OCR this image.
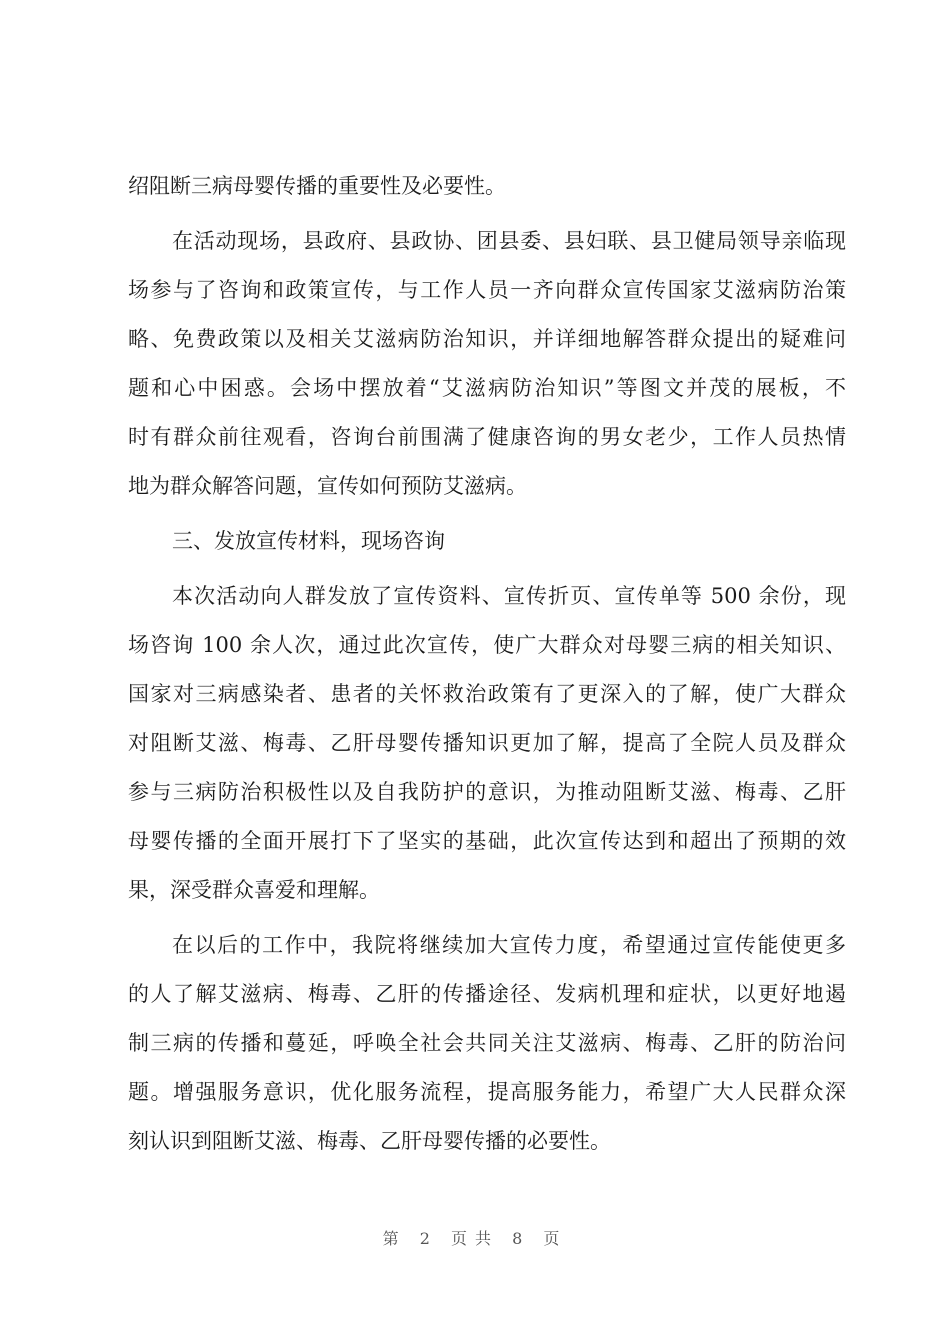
绍阻断三病母婴传播的重要性及必要性。
在活动现场，县政府、县政协、团县委、县妇联、县卫健局领导亲临现
场参与了咨询和政策宣传，与工作人员一齐向群众宣传国家艾滋病防治策
略、免费政策以及相关艾滋病防治知识，并详细地解答群众提出的疑难问
题和心中困惑。会场中摆放着“艾滋病防治知识”等图文并茂的展板，不
时有群众前往观看，咨询台前围满了健康咨询的男女老少，工作人员热情
地为群众解答问题，宣传如何预防艾滋病。
三、发放宣传材料，现场咨询
本次活动向人群发放了宣传资料、宣传折页、宣传单等 500 余份，现
场咨询 100 余人次，通过此次宣传，使广大群众对母婴三病的相关知识、
国家对三病感染者、患者的关怀救治政策有了更深入的了解，使广大群众
对阻断艾滋、梅毒、乙肝母婴传播知识更加了解，提高了全院人员及群众
参与三病防治积极性以及自我防护的意识，为推动阻断艾滋、梅毒、乙肝
母婴传播的全面开展打下了坚实的基础，此次宣传达到和超出了预期的效
果，深受群众喜爱和理解。
在以后的工作中，我院将继续加大宣传力度，希望通过宣传能使更多
的人了解艾滋病、梅毒、乙肝的传播途径、发病机理和症状，以更好地遏
制三病的传播和蔓延，呼唤全社会共同关注艾滋病、梅毒、乙肝的防治问
题。增强服务意识，优化服务流程，提高服务能力，希望广大人民群众深
刻认识到阻断艾滋、梅毒、乙肝母婴传播的必要性。
第 2 页共 8 页
